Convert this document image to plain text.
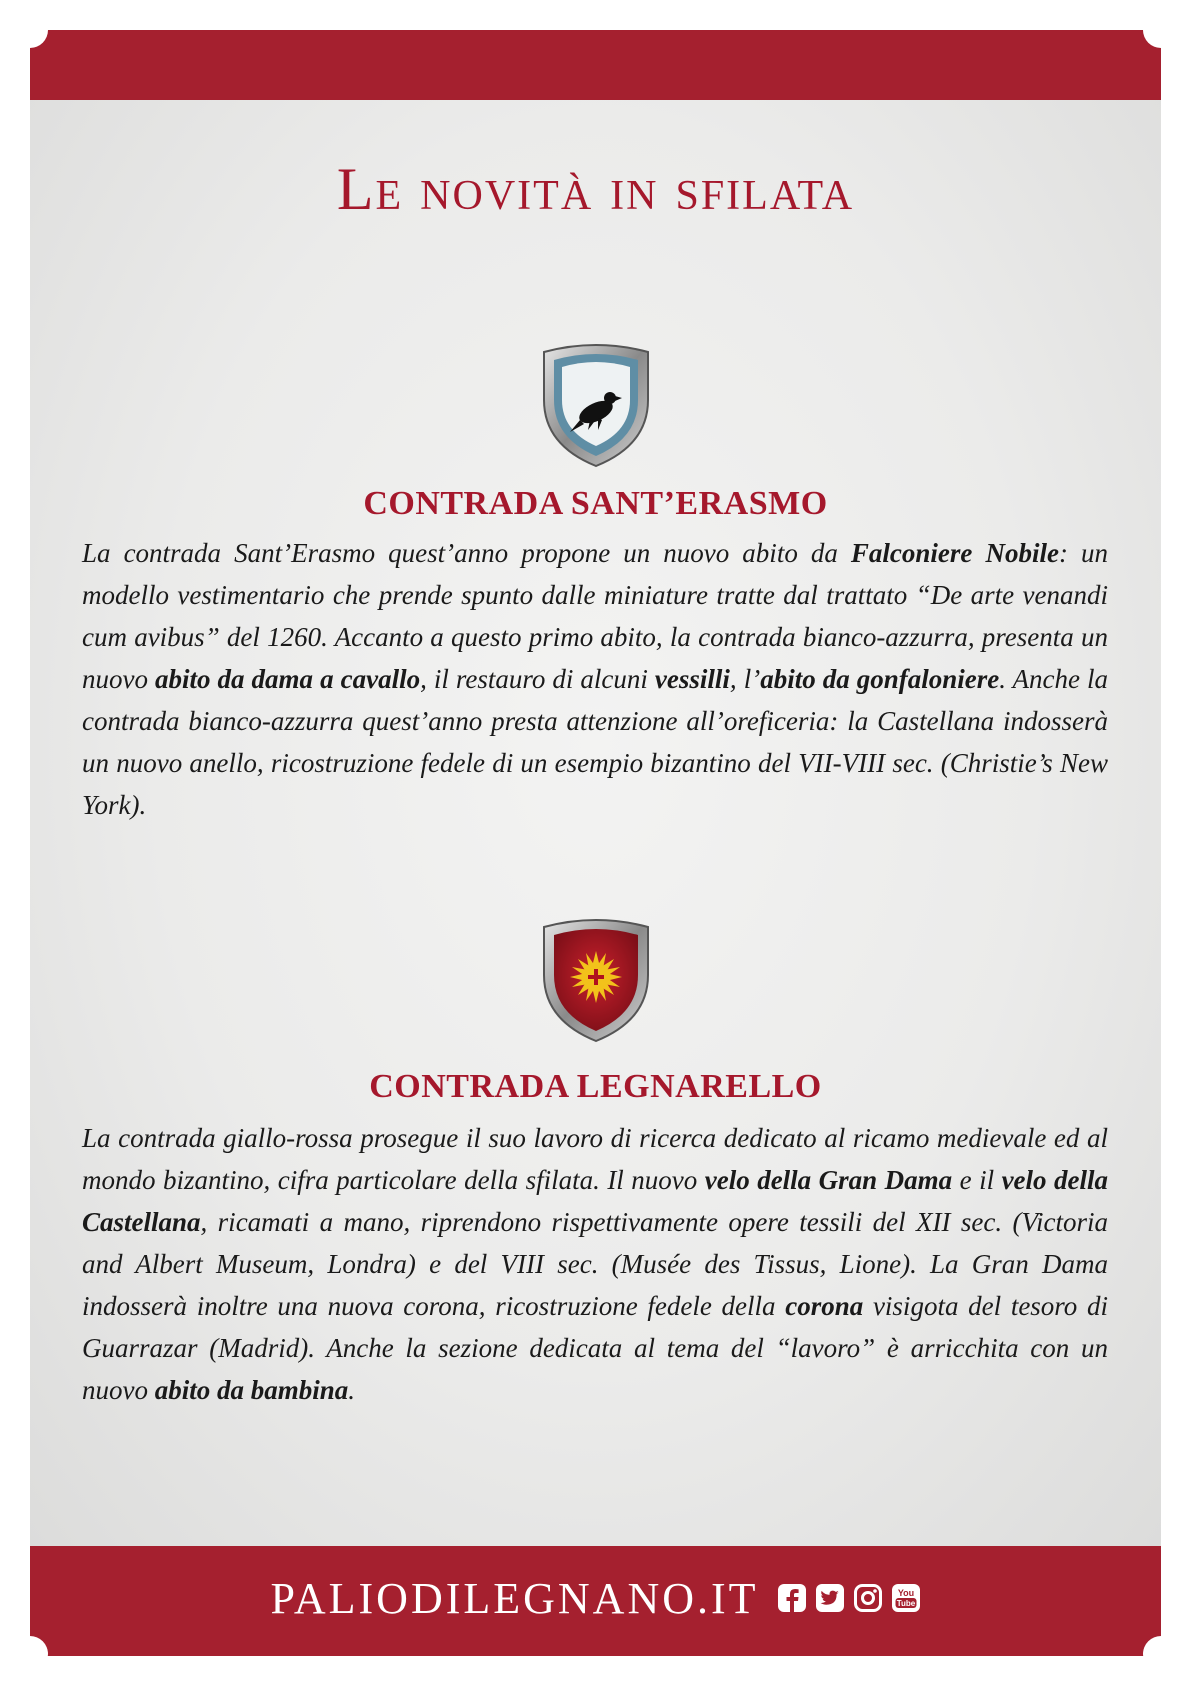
Le novità in sfilata
CONTRADA SANT’ERASMO
La contrada Sant’Erasmo quest’anno propone un nuovo abito da Falconiere Nobile: un modello vestimentario che prende spunto dalle miniature tratte dal trattato “De arte venandi cum avibus” del 1260. Accanto a questo primo abito, la contrada bianco-azzurra, presenta un nuovo abito da dama a cavallo, il restauro di alcuni vessilli, l’abito da gonfaloniere. Anche la contrada bianco-azzurra quest’anno presta attenzione all’oreficeria: la Castellana indosserà un nuovo anello, ricostruzione fedele di un esempio bizantino del VII-VIII sec. (Christie’s New York).
CONTRADA LEGNARELLO
La contrada giallo-rossa prosegue il suo lavoro di ricerca dedicato al ricamo medievale ed al mondo bizantino, cifra particolare della sfilata. Il nuovo velo della Gran Dama e il velo della Castellana, ricamati a mano, riprendono rispettivamente opere tessili del XII sec. (Victoria and Albert Museum, Londra) e del VIII sec. (Musée des Tissus, Lione). La Gran Dama indosserà inoltre una nuova corona, ricostruzione fedele della corona visigota del tesoro di Guarrazar (Madrid). Anche la sezione dedicata al tema del “lavoro” è arricchita con un nuovo abito da bambina.
PALIODILEGNANO.IT	You
Tube
